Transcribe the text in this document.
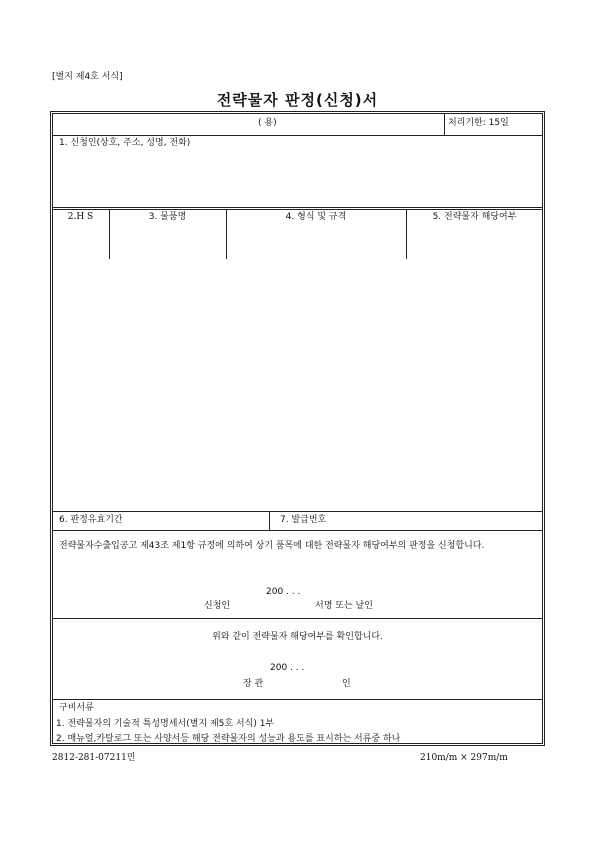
[별지 제4호 서식]
전략물자 판정(신청)서
( 용)	처리기한: 15일
1. 신청인(상호, 주소, 성명, 전화)
2.H S	3. 물품명	4. 형식 및 규격	5. 전략물자 해당여부
6. 판정유효기간	7. 발급번호
전략물자수출입공고 제43조 제1항 규정에 의하여 상기 품목에 대한 전략물자 해당여부의 판정을 신청합니다.
200 . . .
신청인	서명 또는 날인
위와 같이 전략물자 해당여부를 확인합니다.
200 . . .
장 관	인
구비서류
1. 전략물자의 기술적 특성명세서(별지 제5호 서식) 1부
2. 매뉴얼,카탈로그 또는 사양서등 해당 전략물자의 성능과 용도를 표시하는 서류중 하나
2812-281-07211민	210m/m × 297m/m
